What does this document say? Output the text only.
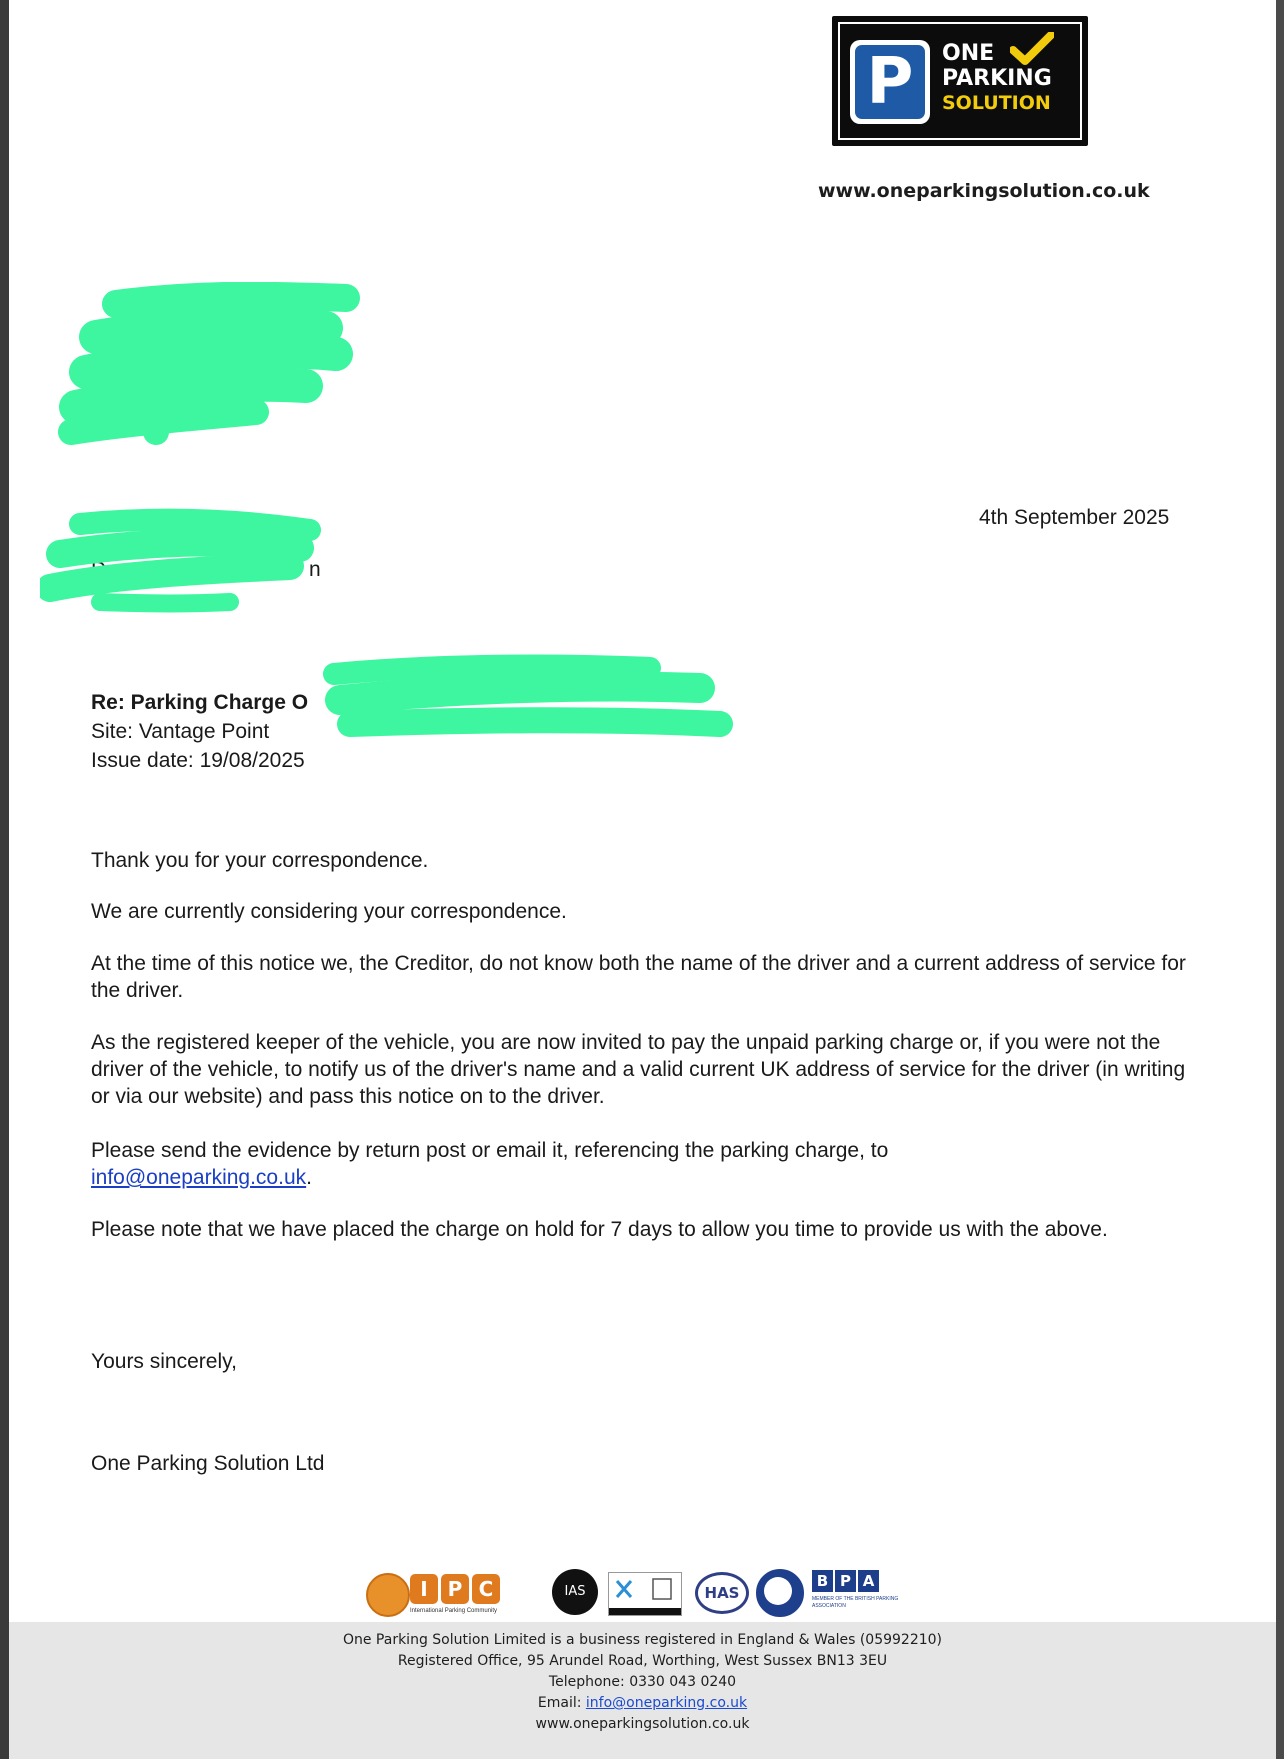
P ONE
PARKING
SOLUTION
www.oneparkingsolution.co.uk
4th September 2025
D	n
Re: Parking Charge O
Site: Vantage Point
Issue date: 19/08/2025

Thank you for your correspondence.

We are currently considering your correspondence.

At the time of this notice we, the Creditor, do not know both the name of the driver and a current address of service for the driver.

As the registered keeper of the vehicle, you are now invited to pay the unpaid parking charge or, if you were not the driver of the vehicle, to notify us of the driver's name and a valid current UK address of service for the driver (in writing or via our website) and pass this notice on to the driver.

Please send the evidence by return post or email it, referencing the parking charge, to
info@oneparking.co.uk.

Please note that we have placed the charge on hold for 7 days to allow you time to provide us with the above.

Yours sincerely,

One Parking Solution Ltd

I P C
International Parking Community
IAS	HAS
B P A
MEMBER OF THE BRITISH PARKING ASSOCIATION
One Parking Solution Limited is a business registered in England & Wales (05992210)
Registered Office, 95 Arundel Road, Worthing, West Sussex BN13 3EU
Telephone: 0330 043 0240
Email: info@oneparking.co.uk
www.oneparkingsolution.co.uk
